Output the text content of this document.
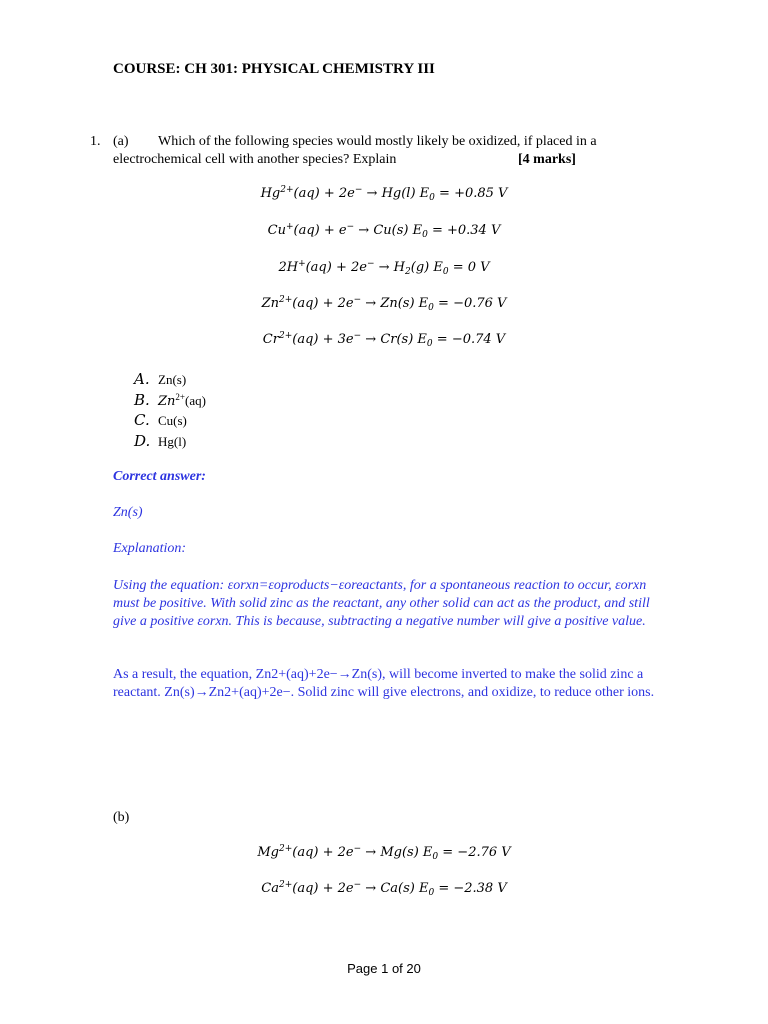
COURSE: CH 301: PHYSICAL CHEMISTRY III
1. (a) Which of the following species would mostly likely be oxidized, if placed in a
electrochemical cell with another species? Explain	[4 marks]
$Hg^{2+}(aq) + 2e^- \to Hg(l) E_0 = +0.85$ V
Cu+(aq) + e− → Cu(s) $E_0 = +0.34$ V
$2H^+(aq) + 2e^- \to H_2(g) E_0 = 0$ V
$Zn^{2+}(aq) + 2e^- \to Zn(s) E_0 = -0.76$ V
$Cr^{2+}(aq) + 3e^- \to Cr(s) E_0 = -0.74$ V
A. Zn(s)
B. $Zn^{2+}(aq)$
C. Cu(s)
D. Hg(l)
Correct answer:
Zn(s)
Explanation:
Using the equation: εorxn=εoproducts−εoreactants, for a spontaneous reaction to occur, εorxn must be positive. With solid zinc as the reactant, any other solid can act as the product, and still give a positive εorxn. This is because, subtracting a negative number will give a positive value.
As a result, the equation, Zn2+(aq)+2e−→Zn(s), will become inverted to make the solid zinc a reactant. Zn(s)→Zn2+(aq)+2e−. Solid zinc will give electrons, and oxidize, to reduce other ions.
(b)
$Mg^{2+}(aq) + 2e^- \to Mg(s) E_0 = -2.76$ V
$Ca^{2+}(aq) + 2e^- \to Ca(s) E_0 = -2.38$ V
Page 1 of 20
